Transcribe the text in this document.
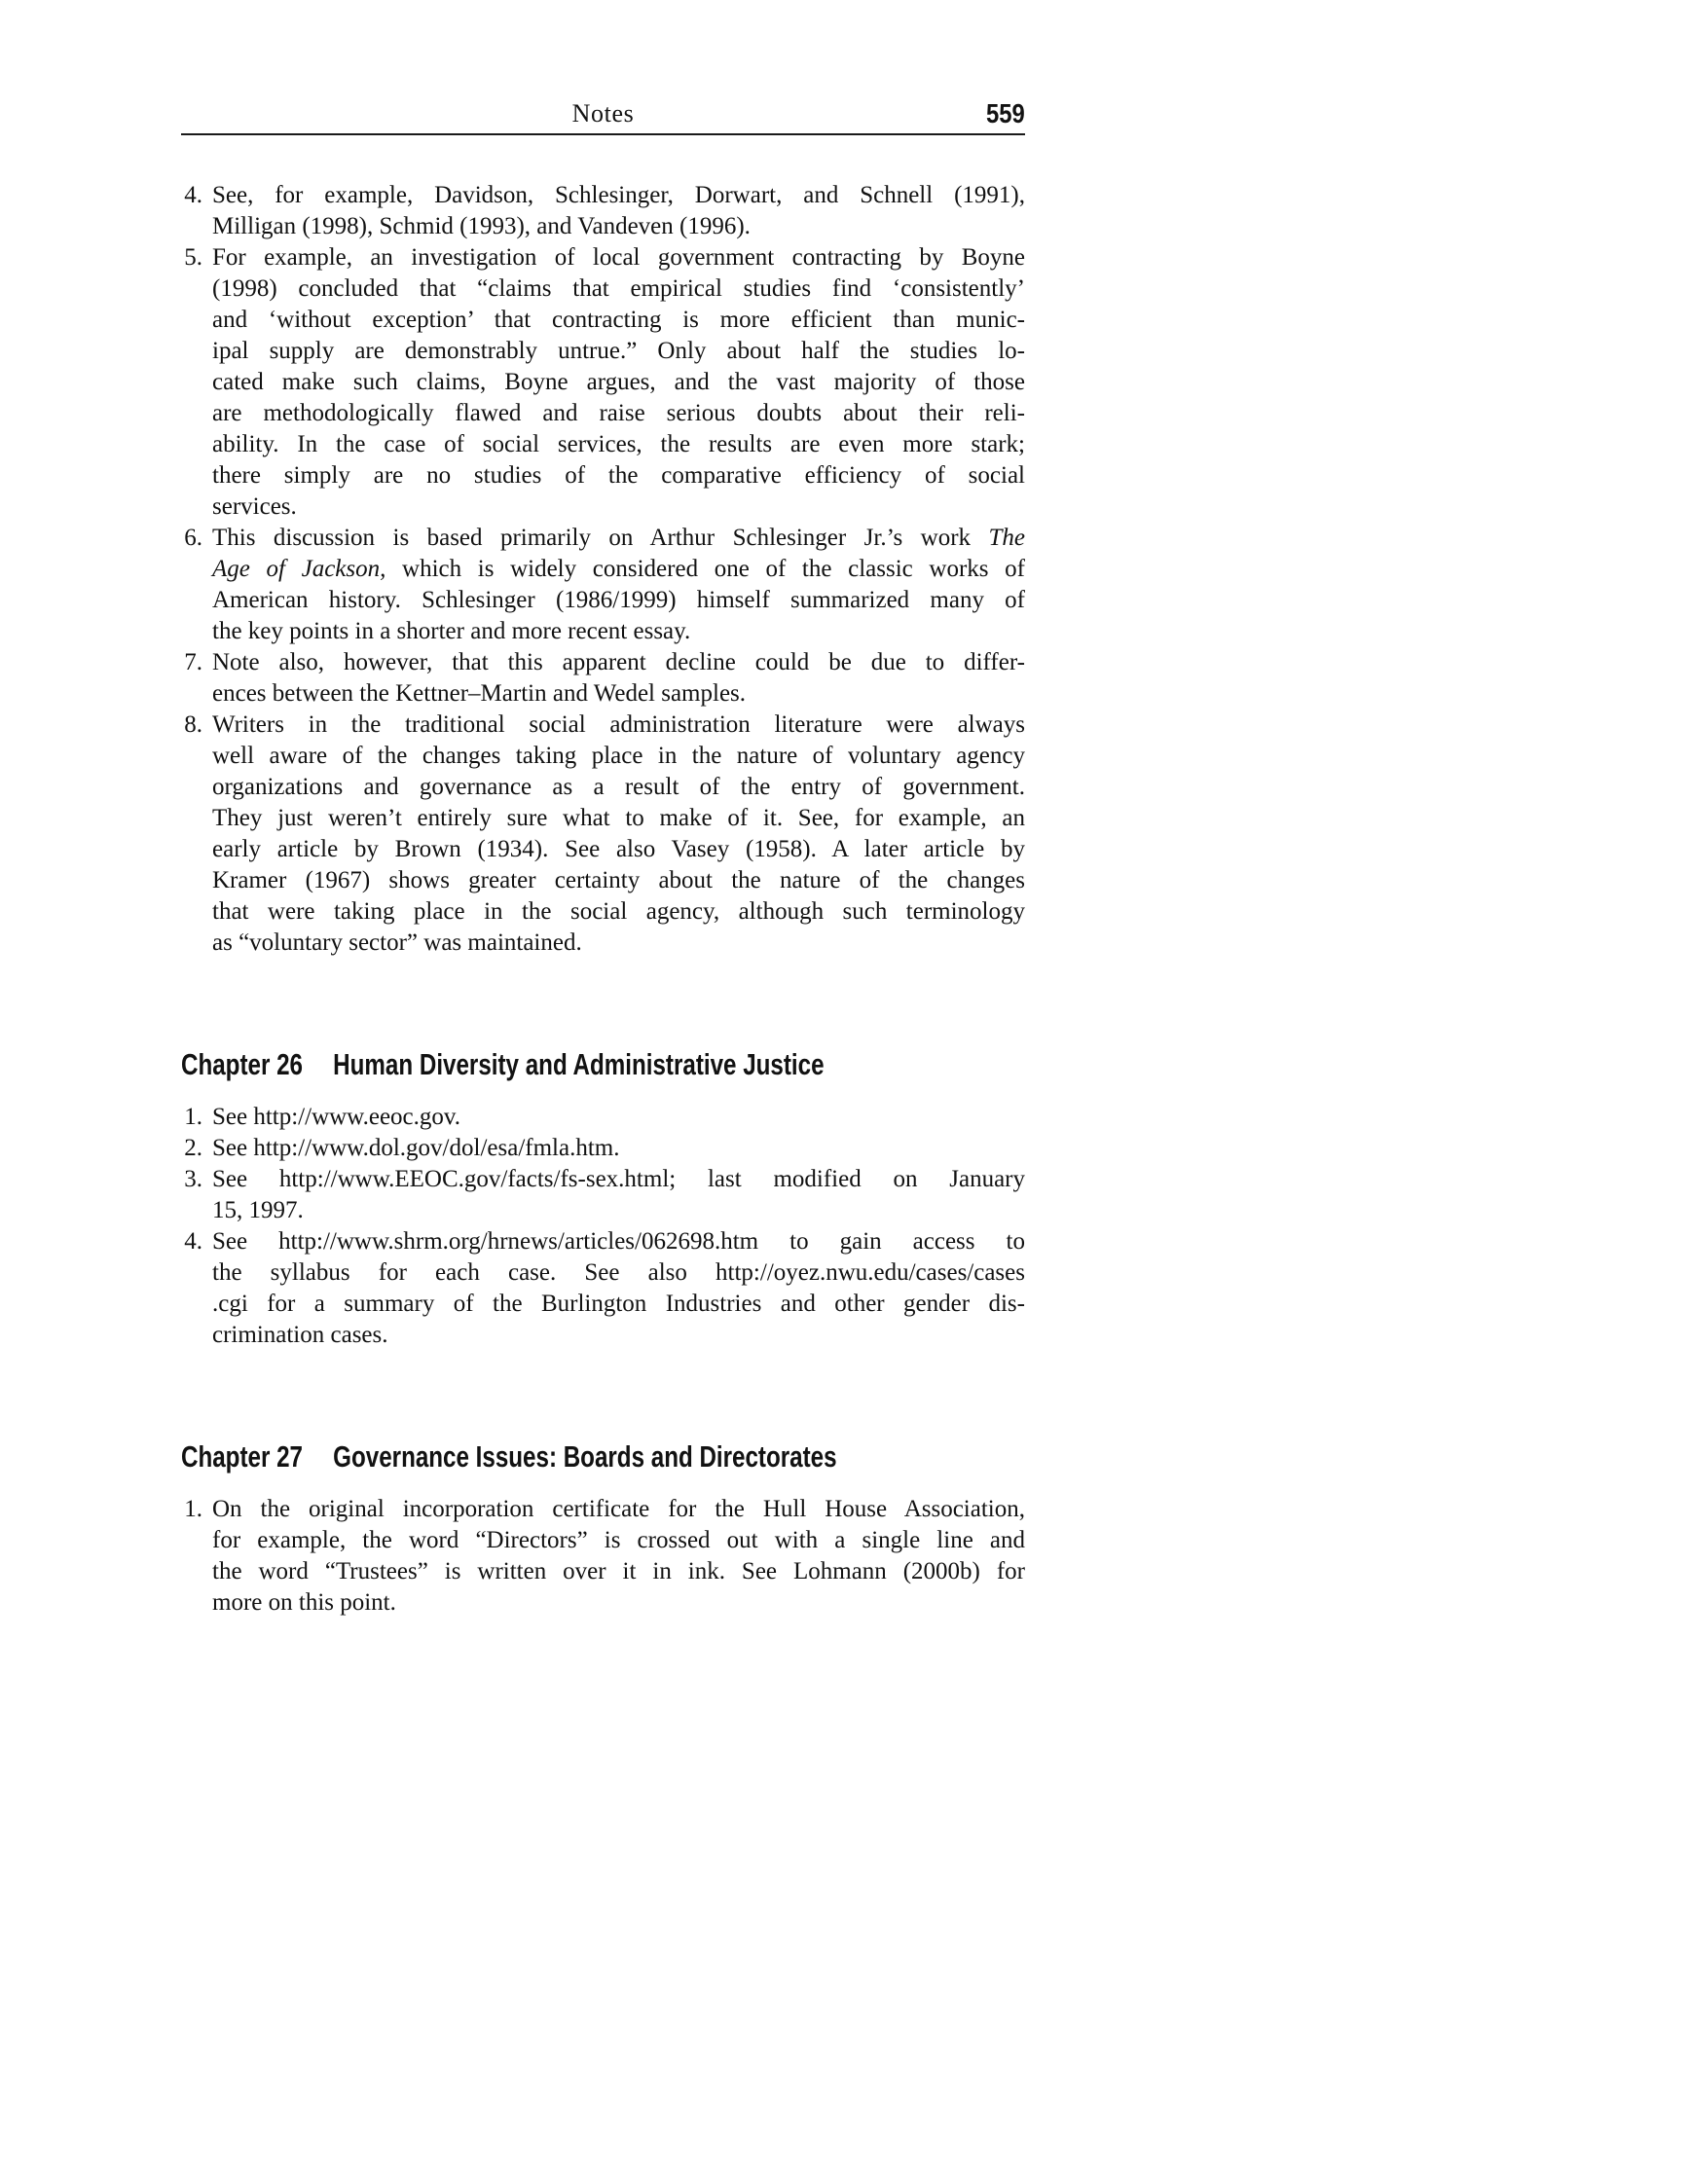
Notes	559
4. See, for example, Davidson, Schlesinger, Dorwart, and Schnell (1991),
Milligan (1998), Schmid (1993), and Vandeven (1996).
5. For example, an investigation of local government contracting by Boyne
(1998) concluded that “claims that empirical studies find ‘consistently’
and ‘without exception’ that contracting is more efficient than munic-
ipal supply are demonstrably untrue.” Only about half the studies lo-
cated make such claims, Boyne argues, and the vast majority of those
are methodologically flawed and raise serious doubts about their reli-
ability. In the case of social services, the results are even more stark;
there simply are no studies of the comparative efficiency of social
services.
6. This discussion is based primarily on Arthur Schlesinger Jr.’s work The
Age of Jackson, which is widely considered one of the classic works of
American history. Schlesinger (1986/1999) himself summarized many of
the key points in a shorter and more recent essay.
7. Note also, however, that this apparent decline could be due to differ-
ences between the Kettner–Martin and Wedel samples.
8. Writers in the traditional social administration literature were always
well aware of the changes taking place in the nature of voluntary agency
organizations and governance as a result of the entry of government.
They just weren’t entirely sure what to make of it. See, for example, an
early article by Brown (1934). See also Vasey (1958). A later article by
Kramer (1967) shows greater certainty about the nature of the changes
that were taking place in the social agency, although such terminology
as “voluntary sector” was maintained.
Chapter 26 Human Diversity and Administrative Justice
1. See http://www.eeoc.gov.
2. See http://www.dol.gov/dol/esa/fmla.htm.
3. See http://www.EEOC.gov/facts/fs-sex.html; last modified on January
15, 1997.
4. See http://www.shrm.org/hrnews/articles/062698.htm to gain access to
the syllabus for each case. See also http://oyez.nwu.edu/cases/cases
.cgi for a summary of the Burlington Industries and other gender dis-
crimination cases.
Chapter 27 Governance Issues: Boards and Directorates
1. On the original incorporation certificate for the Hull House Association,
for example, the word “Directors” is crossed out with a single line and
the word “Trustees” is written over it in ink. See Lohmann (2000b) for
more on this point.
